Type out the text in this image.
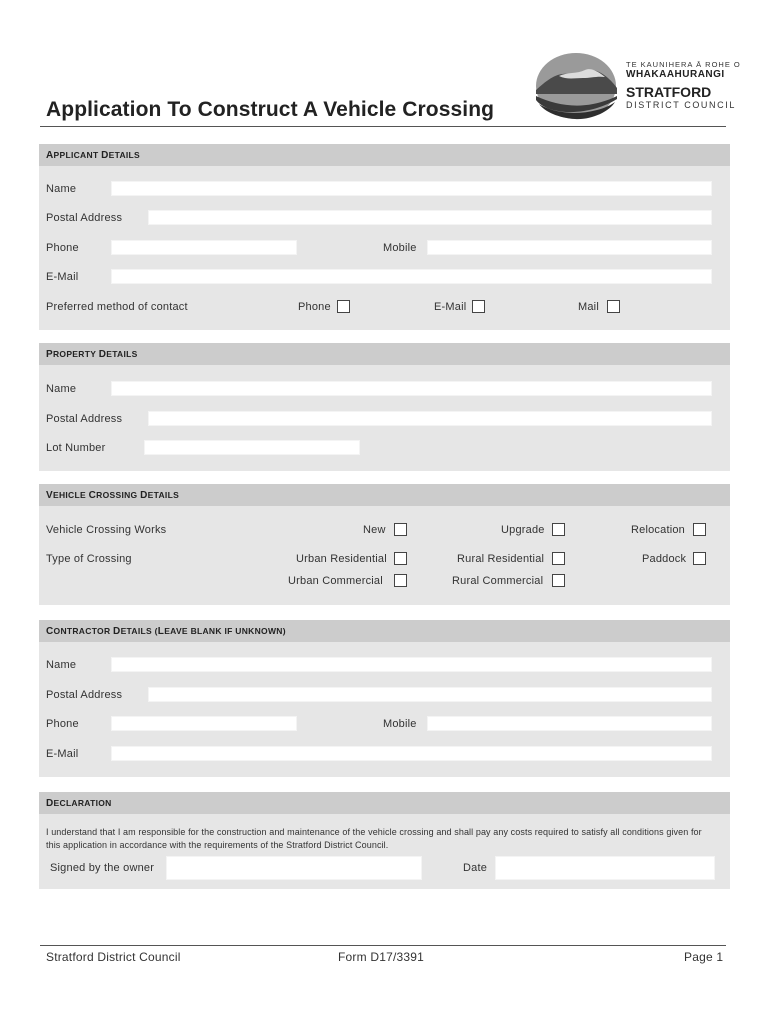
Application To Construct A Vehicle Crossing
TE KAUNIHERA Ā ROHE O
WHAKAAHURANGI
STRATFORD
DISTRICT COUNCIL
APPLICANT DETAILS
Name
Postal Address
Phone	Mobile
E-Mail
Preferred method of contact	Phone	E-Mail	Mail
PROPERTY DETAILS
Name
Postal Address
Lot Number
VEHICLE CROSSING DETAILS
Vehicle Crossing Works	New	Upgrade	Relocation
Type of Crossing	Urban Residential	Rural Residential	Paddock
Urban Commercial	Rural Commercial
CONTRACTOR DETAILS (LEAVE BLANK IF UNKNOWN)
Name
Postal Address
Phone	Mobile
E-Mail
DECLARATION
I understand that I am responsible for the construction and maintenance of the vehicle crossing and shall pay any costs required to satisfy all conditions given for this application in accordance with the requirements of the Stratford District Council.
Signed by the owner	Date
Stratford District Council	Form D17/3391	Page 1
